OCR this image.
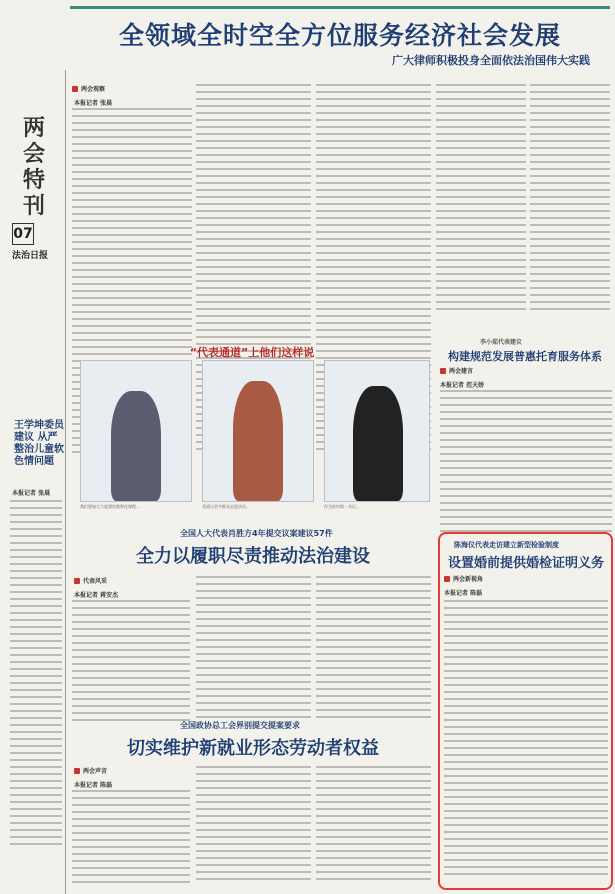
全领域全时空全方位服务经济社会发展
广大律师积极投身全面依法治国伟大实践
两会特刊
07
法治日报
王学坤委员建议 从严整治儿童软色情问题
本报记者 张晨
两会观察
本报记者 张晨
“代表通道”上他们这样说
我们要加大力度建设数智化课程...	希望让更多群众走进法治...	作为驻村第一书记...
李小茹代表建议
构建规范发展普惠托育服务体系
两会建言
本报记者 范天娇
全国人大代表肖胜方4年提交议案建议57件
全力以履职尽责推动法治建设
代表风采
本报记者 蒋安杰
全国政协总工会界别提交提案要求
切实维护新就业形态劳动者权益
两会声音
本报记者 陈磊
陈海仪代表走访建立新型检验制度
设置婚前提供婚检证明义务
两会新视角
本报记者 陈磊
